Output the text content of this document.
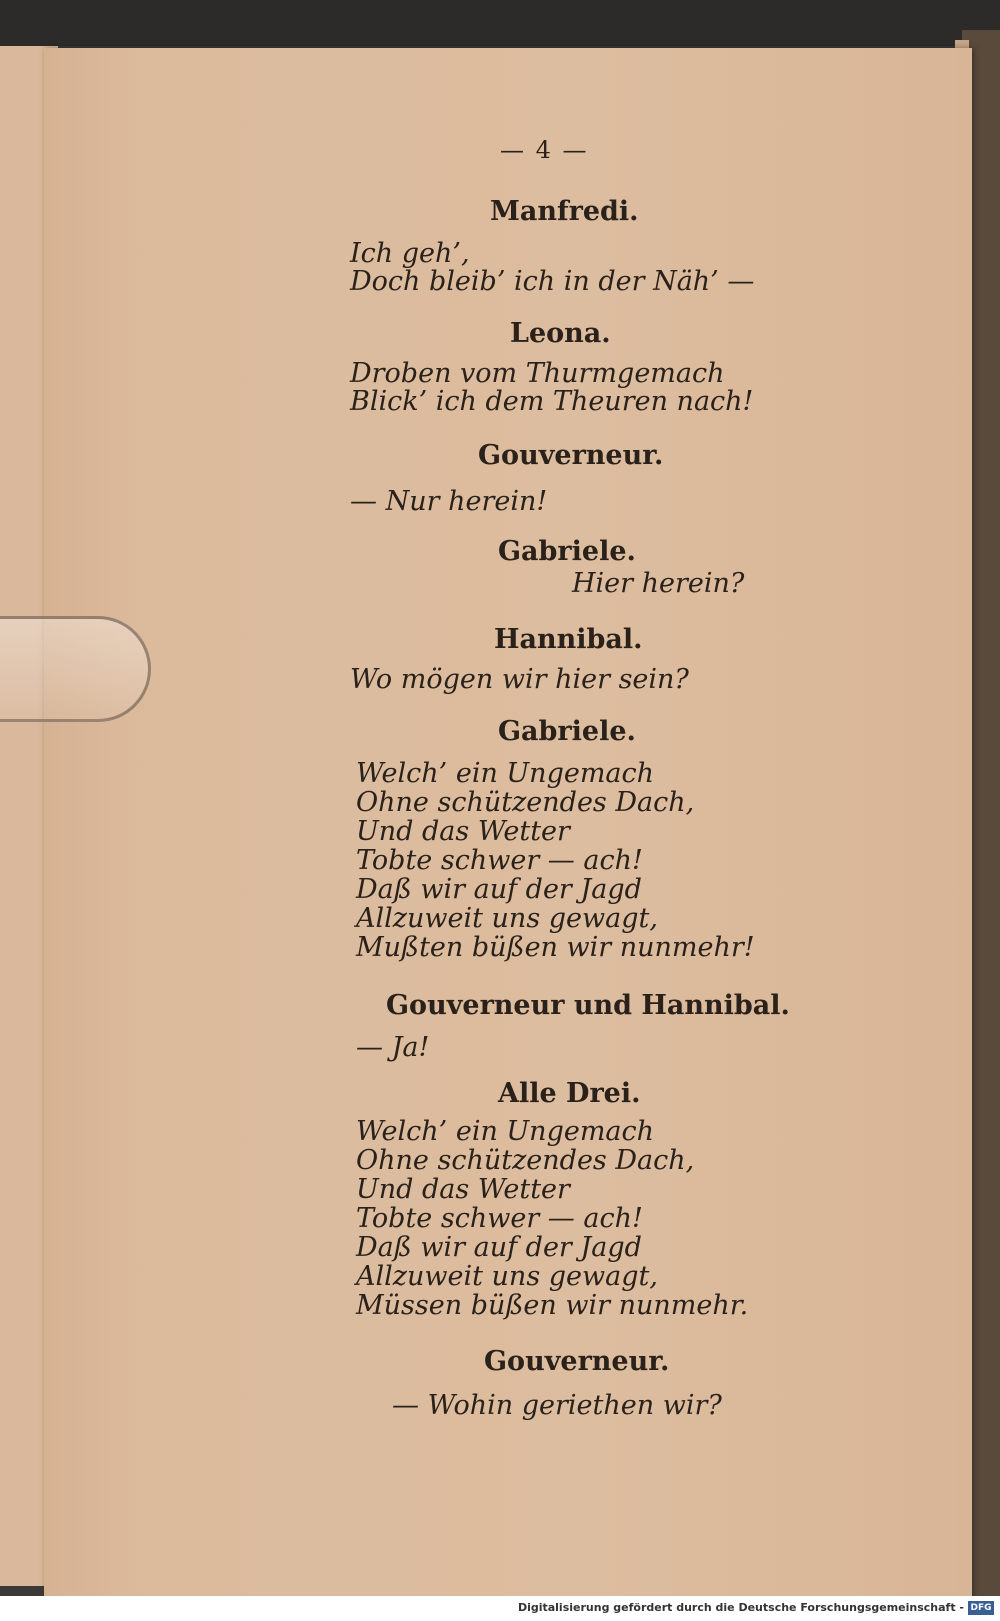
— 4 —
Manfredi.
Ich geh’,
Doch bleib’ ich in der Näh’ —
Leona.
Droben vom Thurmgemach
Blick’ ich dem Theuren nach!
Gouverneur.
— Nur herein!
Gabriele.
Hier herein?
Hannibal.
Wo mögen wir hier sein?
Gabriele.
Welch’ ein Ungemach
Ohne schützendes Dach,
Und das Wetter
Tobte schwer — ach!
Daß wir auf der Jagd
Allzuweit uns gewagt,
Mußten büßen wir nunmehr!
Gouverneur und Hannibal.
— Ja!
Alle Drei.
Welch’ ein Ungemach
Ohne schützendes Dach,
Und das Wetter
Tobte schwer — ach!
Daß wir auf der Jagd
Allzuweit uns gewagt,
Müssen büßen wir nunmehr.
Gouverneur.
— Wohin geriethen wir?
Digitalisierung gefördert durch die Deutsche Forschungsgemeinschaft - DFG
